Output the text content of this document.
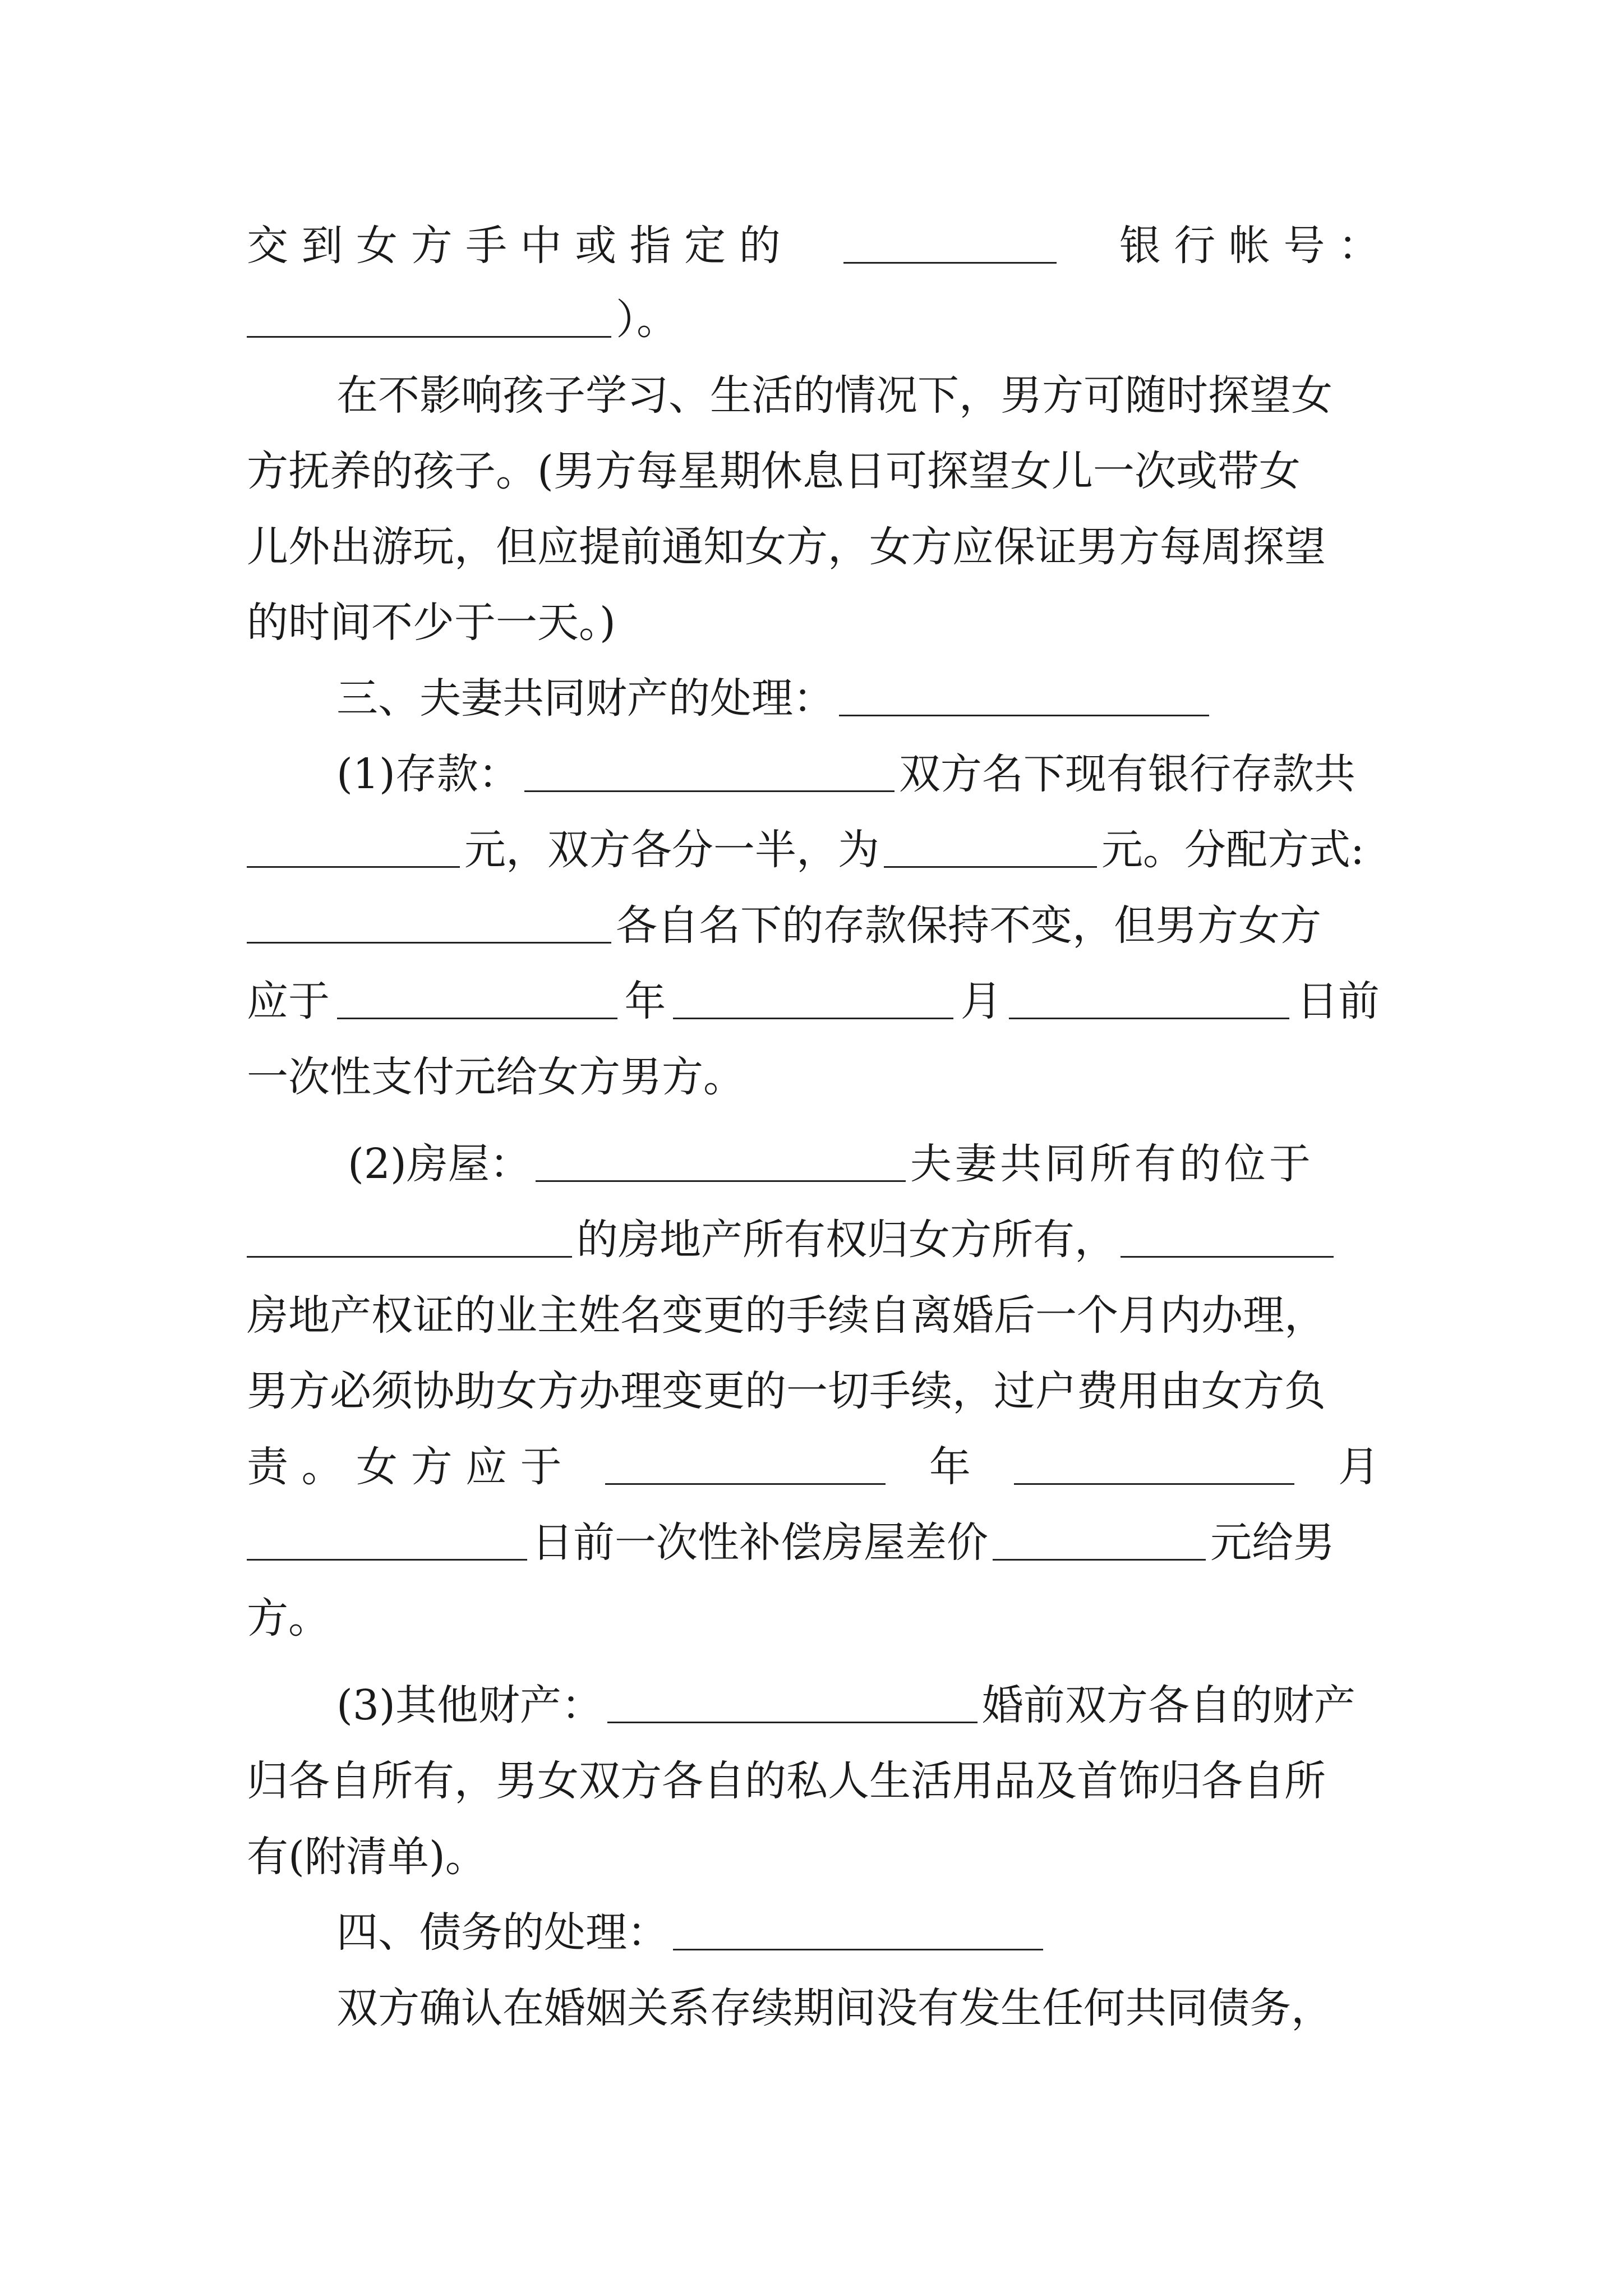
交 到 女 方 手 中 或 指 定 的	银 行 帐 号 ：
）。
在不影响孩子学习、生活的情况下，男方可随时探望女
方抚养的孩子。(男方每星期休息日可探望女儿一次或带女
儿外出游玩，但应提前通知女方，女方应保证男方每周探望
的时间不少于一天。)
三、夫妻共同财产的处理：
(1)存款：	双方名下现有银行存款共
元，双方各分一半，为	元。分配方式:
各自名下的存款保持不变，但男方女方
应于	年	月	日前
一次性支付元给女方男方。
(2)房屋：	夫妻共同所有的位于
的房地产所有权归女方所有，
房地产权证的业主姓名变更的手续自离婚后一个月内办理，
男方必须协助女方办理变更的一切手续，过户费用由女方负
责 。 女 方 应 于	年	月
日前一次性补偿房屋差价	元给男
方。
(3)其他财产：	婚前双方各自的财产
归各自所有，男女双方各自的私人生活用品及首饰归各自所
有(附清单)。
四、债务的处理：
双方确认在婚姻关系存续期间没有发生任何共同债务，
